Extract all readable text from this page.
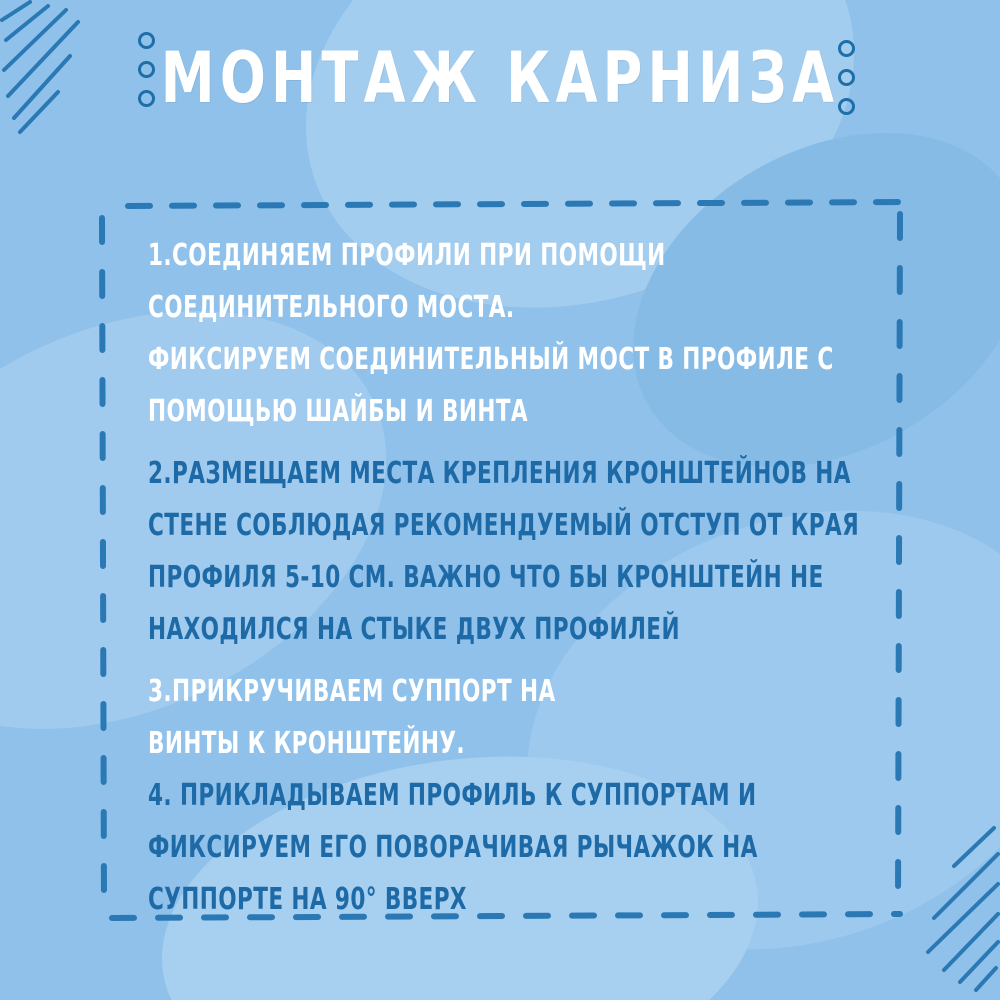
МОНТАЖ КАРНИЗА
1.СОЕДИНЯЕМ ПРОФИЛИ ПРИ ПОМОЩИ
СОЕДИНИТЕЛЬНОГО МОСТА.
ФИКСИРУЕМ СОЕДИНИТЕЛЬНЫЙ МОСТ В ПРОФИЛЕ С
ПОМОЩЬЮ ШАЙБЫ И ВИНТА
2.РАЗМЕЩАЕМ МЕСТА КРЕПЛЕНИЯ КРОНШТЕЙНОВ НА
СТЕНЕ СОБЛЮДАЯ РЕКОМЕНДУЕМЫЙ ОТСТУП ОТ КРАЯ
ПРОФИЛЯ 5-10 СМ. ВАЖНО ЧТО БЫ КРОНШТЕЙН НЕ
НАХОДИЛСЯ НА СТЫКЕ ДВУХ ПРОФИЛЕЙ
3.ПРИКРУЧИВАЕМ СУППОРТ НА
ВИНТЫ К КРОНШТЕЙНУ.
4. ПРИКЛАДЫВАЕМ ПРОФИЛЬ К СУППОРТАМ И
ФИКСИРУЕМ ЕГО ПОВОРАЧИВАЯ РЫЧАЖОК НА
СУППОРТЕ НА 90° ВВЕРХ
